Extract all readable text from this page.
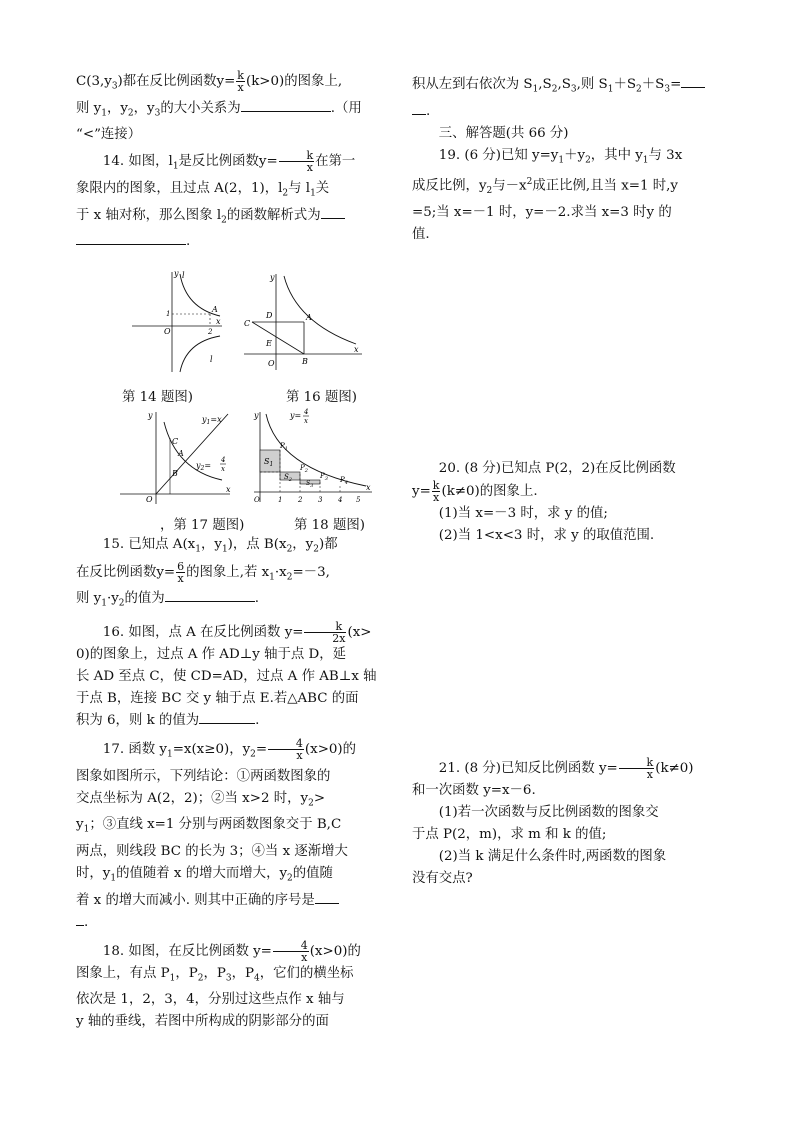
$C(3,y_3)$都在反比例函数$y= \frac{k}{x} (k>0)$的图象上,

则 $y_1$，$y_2$，$y_3$的大小关系为	.（用

“<”连接）

14. 如图，$l_1$是反比例函数$y= \frac{k}{x}$ 在第一

象限内的图象，且过点 A(2，1)，$l_2$与 $l_1$关

于 x 轴对称，那么图象 $l_2$的函数解析式为

.

y l
A
1
O	2
x
l
y
C
D	A
E
B
O
x
第 14 题图)	第 16 题图)
y	$y_1=x$
C
A
B
$y_2=$
4
x
O
x
y	y= 4
x
$S_1$
$S_2$ $S_3$
$P_1$
$P_2$
$P_3$ $P_4$
O	1 2 3 4 5
x
，第 17 题图)	第 18 题图)

15. 已知点 $A(x_1$，$y_1$)，点 $B(x_2$，$y_2$)都

在反比例函数$y= \frac{6}{x}$ 的图象上,若 $x_1\cdot x_2=-3$,

则 $y_1\cdot y_2$的值为	.

16. 如图，点 A 在反比例函数 $y= \frac{k}{2x} (x>$

0)的图象上，过点 A 作 AD⊥y 轴于点 D，延

长 AD 至点 C，使 CD=AD，过点 A 作 AB⊥x 轴

于点 B，连接 BC 交 y 轴于点 E.若△ABC 的面

积为 6，则 k 的值为	.

17. 函数 $y_1=x(x\ge 0)$，$y_2= \frac{4}{x} (x>0)$的

图象如图所示，下列结论：①两函数图象的

交点坐标为 A(2，2)；②当 x>2 时，$y_2>$

$y_1$；③直线 x=1 分别与两函数图象交于 B,C

两点，则线段 BC 的长为 3；④当 x 逐渐增大

时，$y_1$的值随着 x 的增大而增大，$y_2$的值随

着 x 的增大而减小. 则其中正确的序号是

.

18. 如图，在反比例函数 $y= \frac{4}{x} (x>0)$的

图象上，有点 $P_1$，$P_2$，$P_3$，$P_4$，它们的横坐标

依次是 1，2，3，4，分别过这些点作 x 轴与

y 轴的垂线，若图中所构成的阴影部分的面

积从左到右依次为 $S_1,S_2,S_3$,则 $S_1+S_2+S_3=$

.

三、解答题(共 66 分)

19. (6 分)已知 $y=y_1+y_2$，其中 $y_1$与 3x

成反比例，$y_2$与$-x^2$成正比例,且当 x=1 时,y

=5;当 x=－1 时，y=－2.求当 x=3 时y 的

值.

20. (8 分)已知点 P(2，2)在反比例函数

$y= \frac{k}{x} (k\ne 0)$的图象上.

(1)当 x=－3 时，求 y 的值;

(2)当 1<x<3 时，求 y 的取值范围.

21. (8 分)已知反比例函数 $y= \frac{k}{x} (k\ne 0)$

和一次函数 y=x－6.

(1)若一次函数与反比例函数的图象交

于点 P(2，m)，求 m 和 k 的值;

(2)当 k 满足什么条件时,两函数的图象

没有交点?
